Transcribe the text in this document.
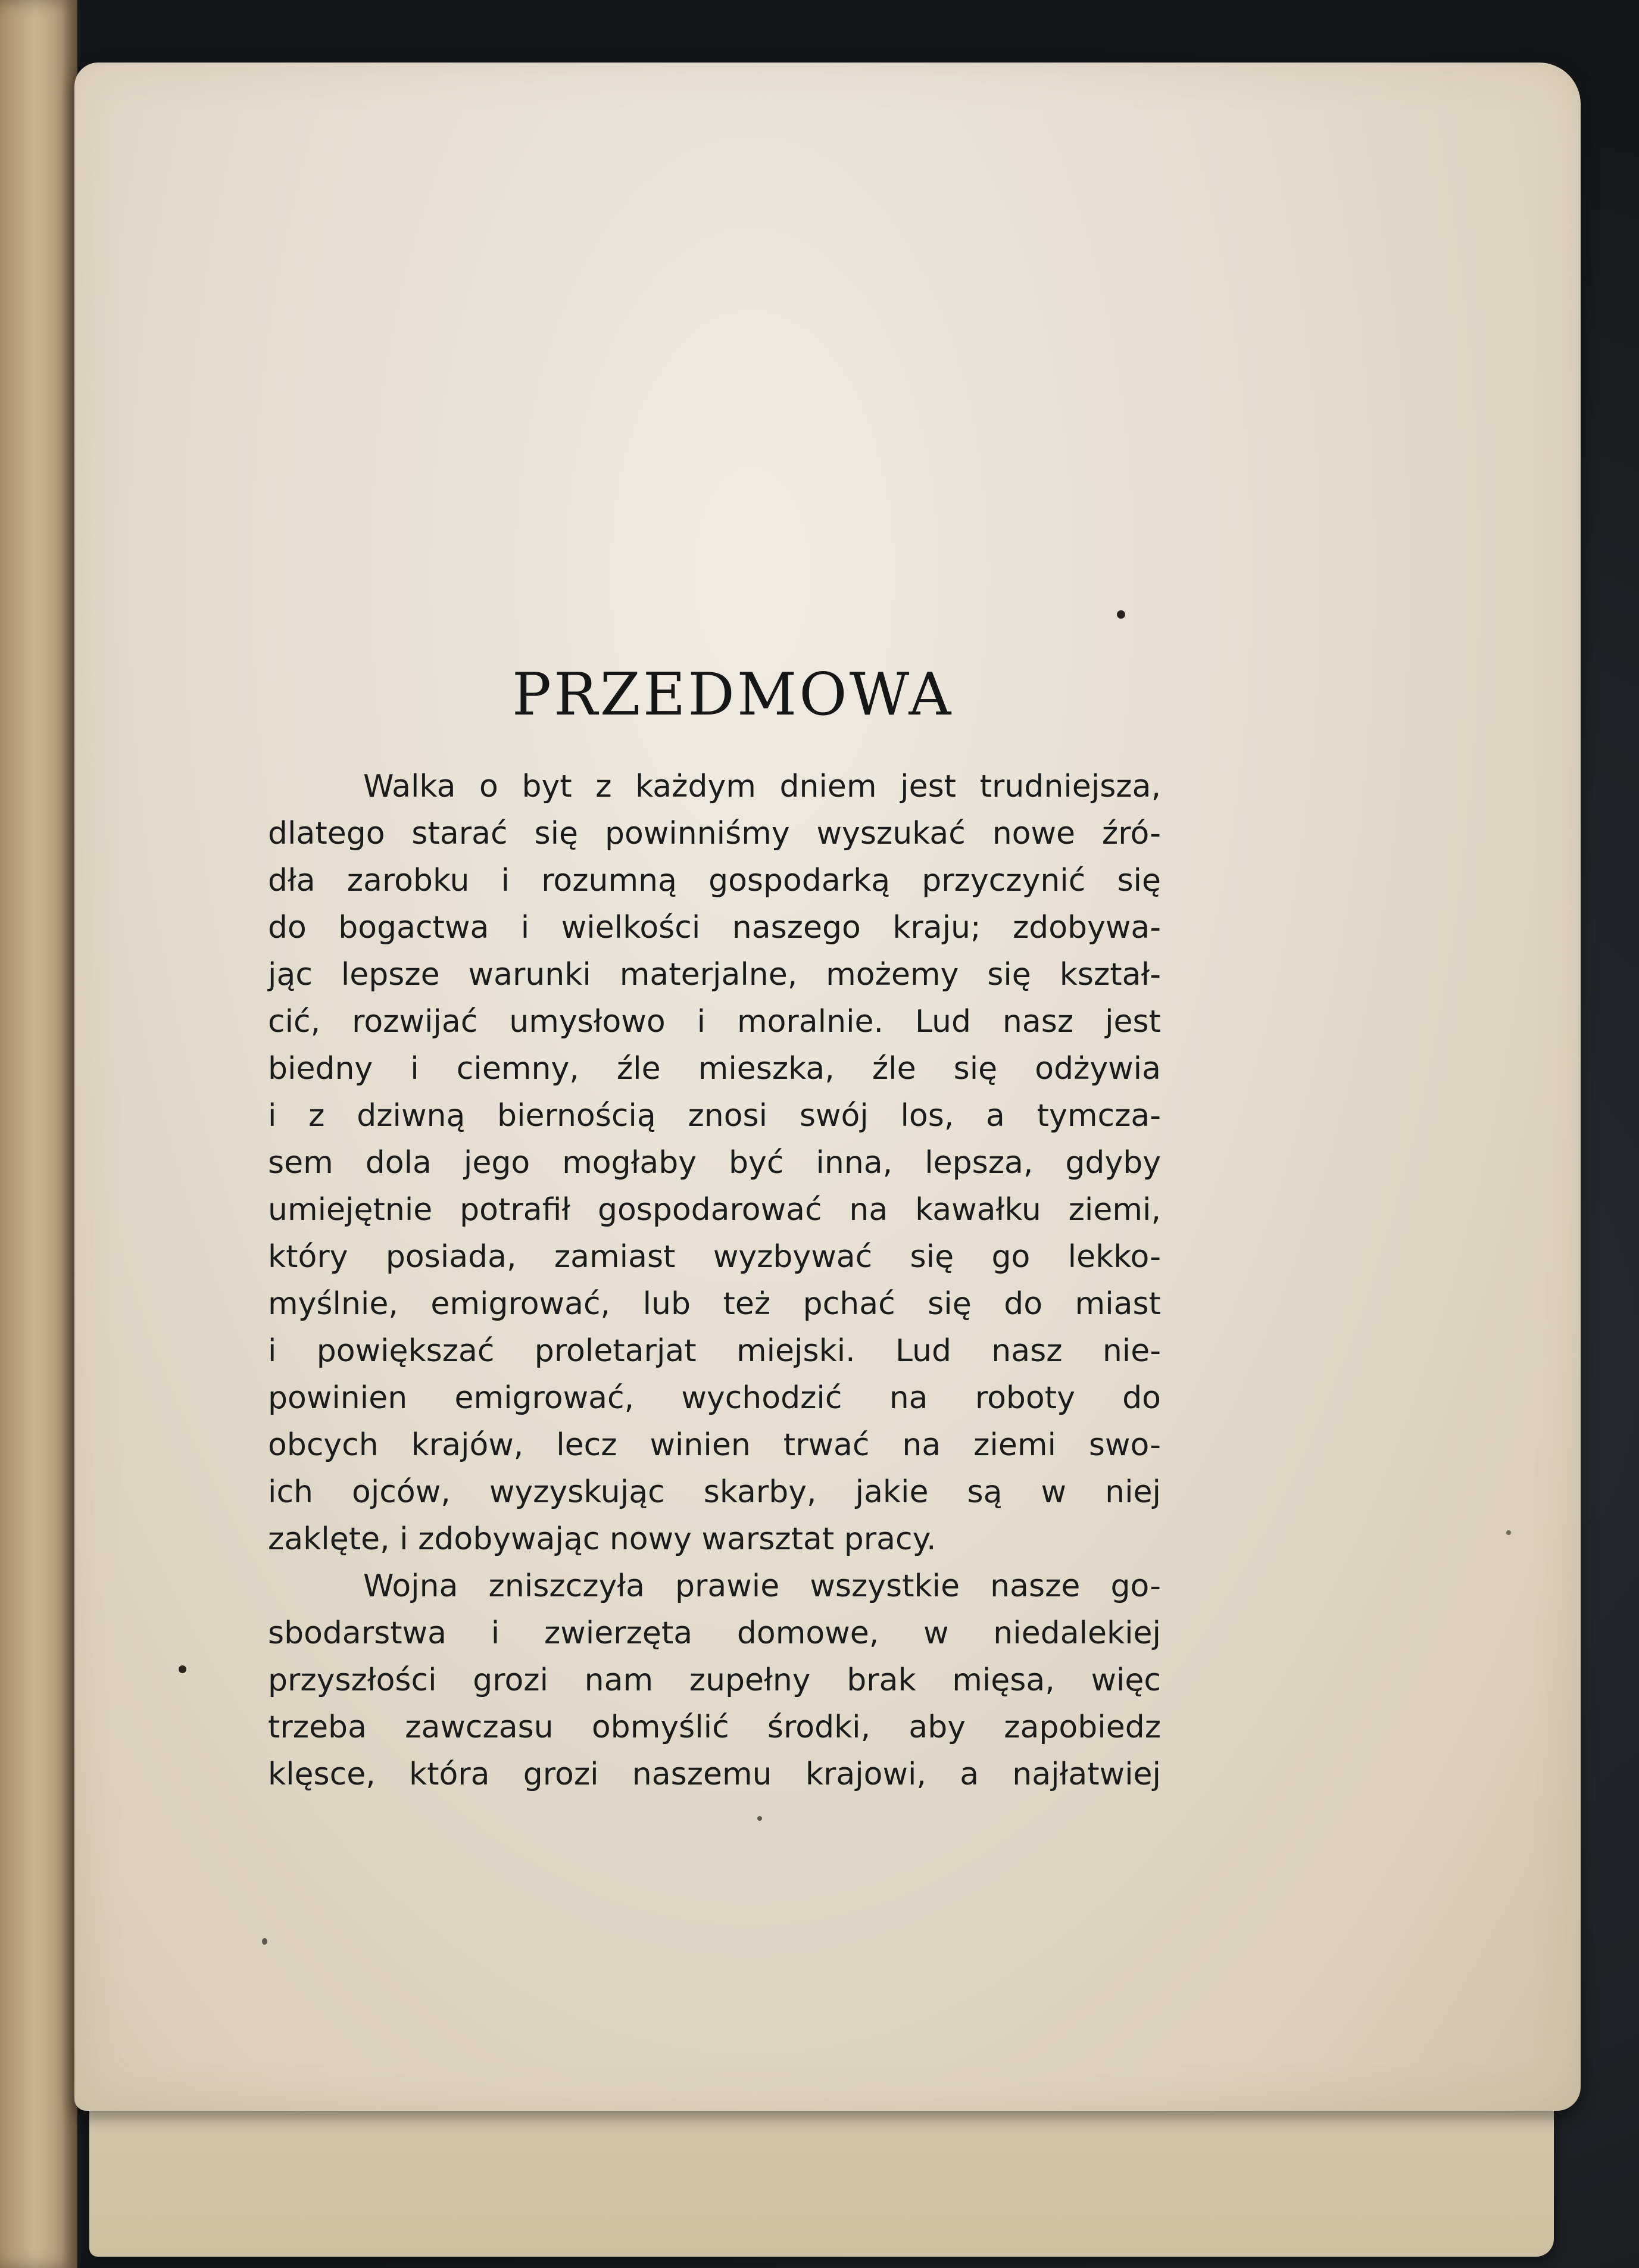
PRZEDMOWA
Walka o byt z każdym dniem jest trudniejsza,
dlatego starać się powinniśmy wyszukać nowe źró-
dła zarobku i rozumną gospodarką przyczynić się
do bogactwa i wielkości naszego kraju; zdobywa-
jąc lepsze warunki materjalne, możemy się kształ-
cić, rozwijać umysłowo i moralnie. Lud nasz jest
biedny i ciemny, źle mieszka, źle się odżywia
i z dziwną biernością znosi swój los, a tymcza-
sem dola jego mogłaby być inna, lepsza, gdyby
umiejętnie potrafił gospodarować na kawałku ziemi,
który posiada, zamiast wyzbywać się go lekko-
myślnie, emigrować, lub też pchać się do miast
i powiększać proletarjat miejski. Lud nasz nie-
powinien emigrować, wychodzić na roboty do
obcych krajów, lecz winien trwać na ziemi swo-
ich ojców, wyzyskując skarby, jakie są w niej
zaklęte, i zdobywając nowy warsztat pracy.
Wojna zniszczyła prawie wszystkie nasze go-
sbodarstwa i zwierzęta domowe, w niedalekiej
przyszłości grozi nam zupełny brak mięsa, więc
trzeba zawczasu obmyślić środki, aby zapobiedz
klęsce, która grozi naszemu krajowi, a najłatwiej
